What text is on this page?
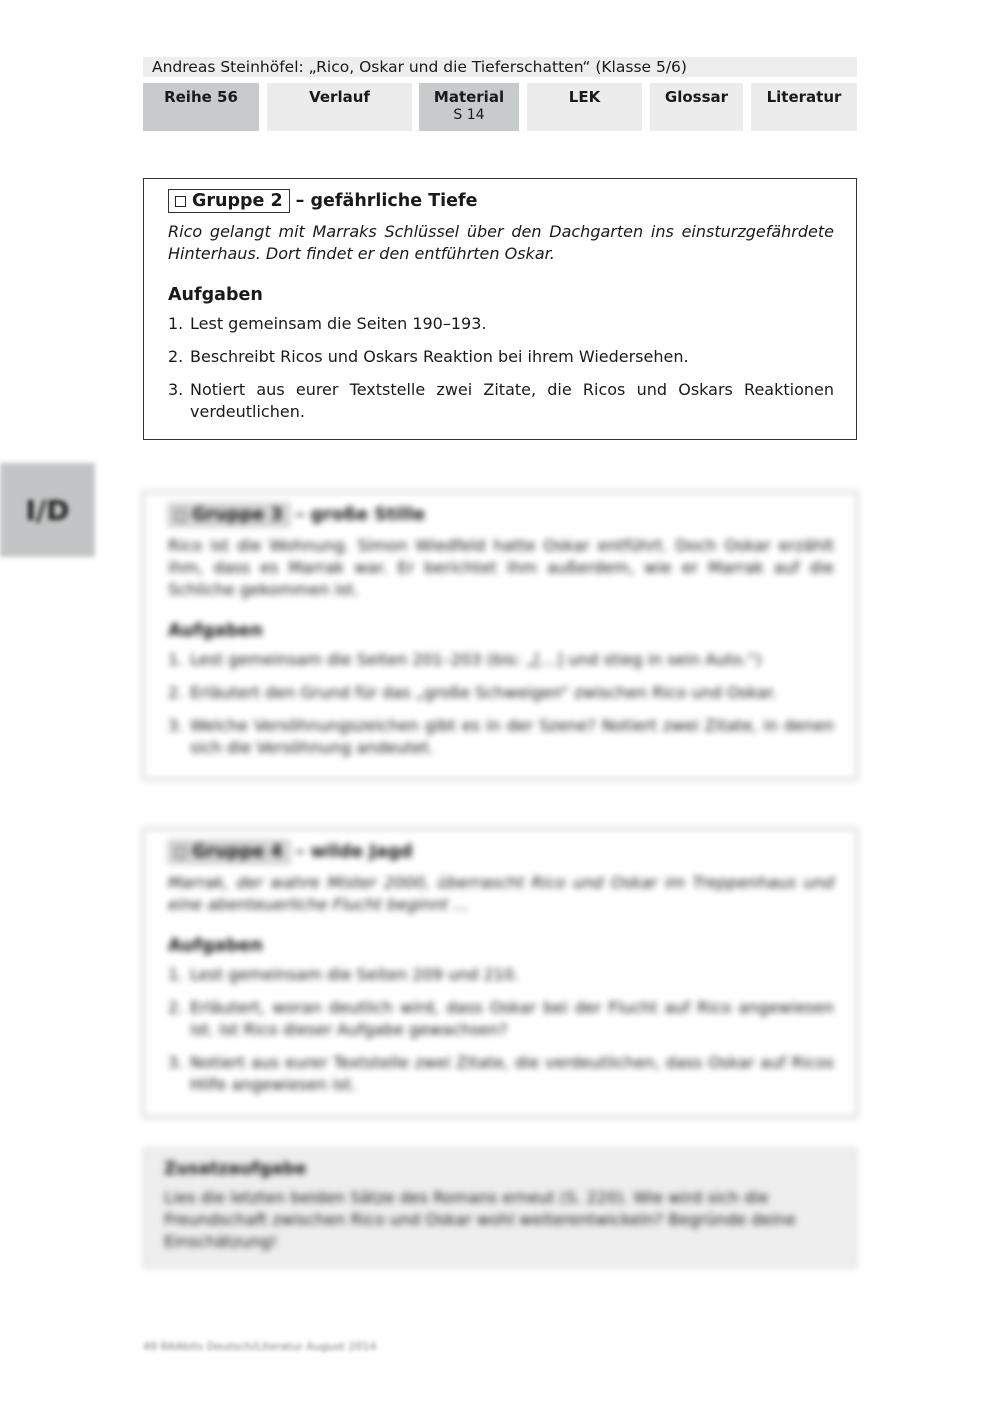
Andreas Steinhöfel: „Rico, Oskar und die Tieferschatten“ (Klasse 5/6)
Reihe 56	Verlauf	Material
S 14
LEK	Glossar	Literatur
Gruppe 2 – gefährliche Tiefe
Rico gelangt mit Marraks Schlüssel über den Dachgarten ins einsturzgefährdete Hinterhaus. Dort findet er den entführten Oskar.
Aufgaben
1. Lest gemeinsam die Seiten 190–193.
2. Beschreibt Ricos und Oskars Reaktion bei ihrem Wiedersehen.
3. Notiert aus eurer Textstelle zwei Zitate, die Ricos und Oskars Reaktionen verdeutlichen.
I/D	Gruppe 3 – große Stille
Rico ist die Wohnung. Simon Wiedfeld hatte Oskar entführt. Doch Oskar erzählt ihm, dass es Marrak war. Er berichtet ihm außerdem, wie er Marrak auf die Schliche gekommen ist.
Aufgaben
1. Lest gemeinsam die Seiten 201–203 (bis: „[…] und stieg in sein Auto.“)
2. Erläutert den Grund für das „große Schweigen“ zwischen Rico und Oskar.
3. Welche Versöhnungszeichen gibt es in der Szene? Notiert zwei Zitate, in denen sich die Versöhnung andeutet.
Gruppe 4 – wilde Jagd
Marrak, der wahre Mister 2000, überrascht Rico und Oskar im Treppenhaus und eine abenteuerliche Flucht beginnt …
Aufgaben
1. Lest gemeinsam die Seiten 209 und 210.
2. Erläutert, woran deutlich wird, dass Oskar bei der Flucht auf Rico angewiesen ist. Ist Rico dieser Aufgabe gewachsen?
3. Notiert aus eurer Textstelle zwei Zitate, die verdeutlichen, dass Oskar auf Ricos Hilfe angewiesen ist.
Zusatzaufgabe
Lies die letzten beiden Sätze des Romans erneut (S. 220). Wie wird sich die Freundschaft zwischen Rico und Oskar wohl weiterentwickeln? Begründe deine Einschätzung!
49 RAAbits Deutsch/Literatur August 2014
